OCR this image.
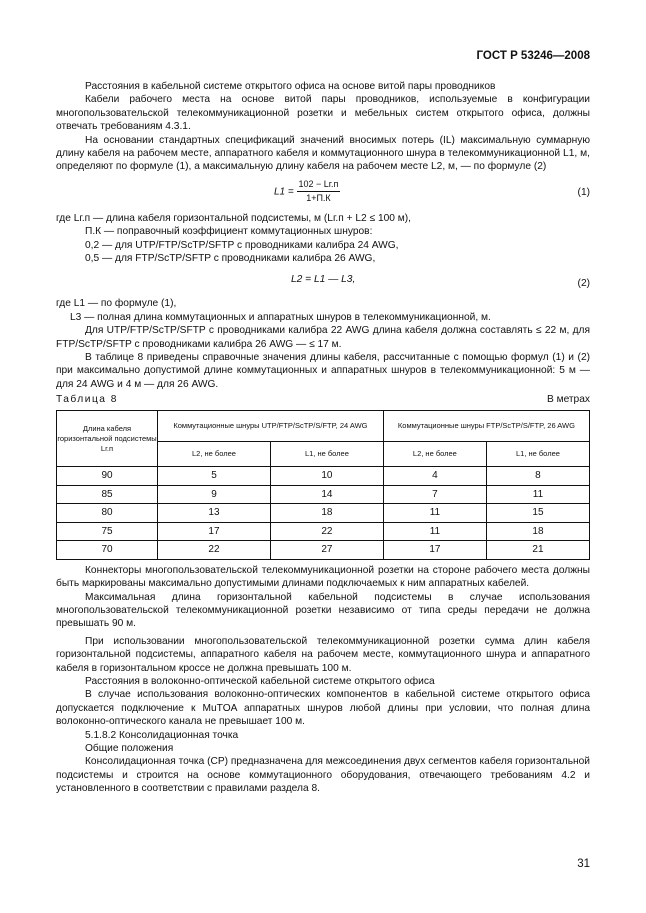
ГОСТ Р 53246—2008

Расстояния в кабельной системе открытого офиса на основе витой пары проводников

Кабели рабочего места на основе витой пары проводников, используемые в конфигурации многопользовательской телекоммуникационной розетки и мебельных систем открытого офиса, должны отвечать требованиям 4.3.1.

На основании стандартных спецификаций значений вносимых потерь (IL) максимальную суммарную длину кабеля на рабочем месте, аппаратного кабеля и коммутационного шнура в телекоммуникационной L1, м, определяют по формуле (1), а максимальную длину кабеля на рабочем месте L2, м, — по формуле (2)

$L1 = \frac{102 - Lг.п}{1+П.К}$	(1)
где Lг.п — длина кабеля горизонтальной подсистемы, м (Lг.п + L2 ≤ 100 м),
П.К — поправочный коэффициент коммутационных шнуров:
0,2 — для UTP/FTP/ScTP/SFTP с проводниками калибра 24 AWG,
0,5 — для FTP/ScTP/SFTP с проводниками калибра 26 AWG,
L2 = L1 — L3,	(2)
где L1 — по формуле (1),
L3 — полная длина коммутационных и аппаратных шнуров в телекоммуникационной, м.

Для UTP/FTP/ScTP/SFTP с проводниками калибра 22 AWG длина кабеля должна составлять ≤ 22 м, для FTP/ScTP/SFTP с проводниками калибра 26 AWG — ≤ 17 м.

В таблице 8 приведены справочные значения длины кабеля, рассчитанные с помощью формул (1) и (2) при максимально допустимой длине коммутационных и аппаратных шнуров в телекоммуникационной: 5 м — для 24 AWG и 4 м — для 26 AWG.

Таблица 8	В метрах
Длина кабеля горизонтальной подсистемы Lг.п	Коммутационные шнуры UTP/FTP/ScTP/S/FTP, 24 AWG		Коммутационные шнуры FTP/ScTP/S/FTP, 26 AWG	
	L2, не более	L1, не более	L2, не более	L1, не более
90	5	10	4	8
85	9	14	7	11
80	13	18	11	15
75	17	22	11	18
70	22	27	17	21

Коннекторы многопользовательской телекоммуникационной розетки на стороне рабочего места должны быть маркированы максимально допустимыми длинами подключаемых к ним аппаратных кабелей.

Максимальная длина горизонтальной кабельной подсистемы в случае использования многопользовательской телекоммуникационной розетки независимо от типа среды передачи не должна превышать 90 м.

При использовании многопользовательской телекоммуникационной розетки сумма длин кабеля горизонтальной подсистемы, аппаратного кабеля на рабочем месте, коммутационного шнура и аппаратного кабеля в горизонтальном кроссе не должна превышать 100 м.

Расстояния в волоконно-оптической кабельной системе открытого офиса

В случае использования волоконно-оптических компонентов в кабельной системе открытого офиса допускается подключение к MuTOA аппаратных шнуров любой длины при условии, что полная длина волоконно-оптического канала не превышает 100 м.

5.1.8.2 Консолидационная точка

Общие положения

Консолидационная точка (CP) предназначена для межсоединения двух сегментов кабеля горизонтальной подсистемы и строится на основе коммутационного оборудования, отвечающего требованиям 4.2 и установленного в соответствии с правилами раздела 8.

31
